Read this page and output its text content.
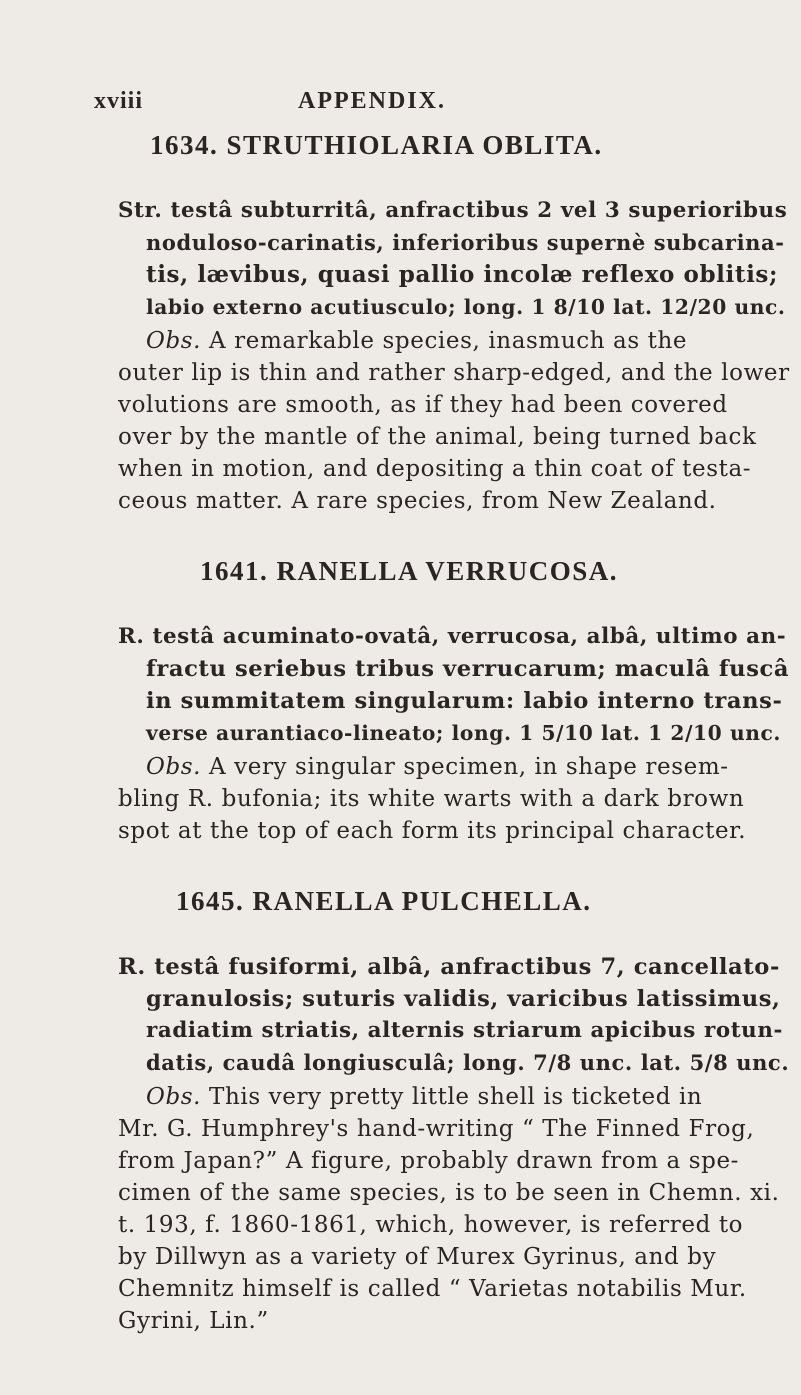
xviii	APPENDIX.
1634. STRUTHIOLARIA OBLITA.
Str. testâ subturritâ, anfractibus 2 vel 3 superioribus
noduloso-carinatis, inferioribus supernè subcarina-
tis, lævibus, quasi pallio incolæ reflexo oblitis;
labio externo acutiusculo; long. 1 8/10 lat. 12/20 unc.
Obs. A remarkable species, inasmuch as the
outer lip is thin and rather sharp-edged, and the lower
volutions are smooth, as if they had been covered
over by the mantle of the animal, being turned back
when in motion, and depositing a thin coat of testa-
ceous matter. A rare species, from New Zealand.
1641. RANELLA VERRUCOSA.
R. testâ acuminato-ovatâ, verrucosa, albâ, ultimo an-
fractu seriebus tribus verrucarum; maculâ fuscâ
in summitatem singularum: labio interno trans-
verse aurantiaco-lineato; long. 1 5/10 lat. 1 2/10 unc.
Obs. A very singular specimen, in shape resem-
bling R. bufonia; its white warts with a dark brown
spot at the top of each form its principal character.
1645. RANELLA PULCHELLA.
R. testâ fusiformi, albâ, anfractibus 7, cancellato-
granulosis; suturis validis, varicibus latissimus,
radiatim striatis, alternis striarum apicibus rotun-
datis, caudâ longiusculâ; long. 7/8 unc. lat. 5/8 unc.
Obs. This very pretty little shell is ticketed in
Mr. G. Humphrey's hand-writing “ The Finned Frog,
from Japan?” A figure, probably drawn from a spe-
cimen of the same species, is to be seen in Chemn. xi.
t. 193, f. 1860-1861, which, however, is referred to
by Dillwyn as a variety of Murex Gyrinus, and by
Chemnitz himself is called “ Varietas notabilis Mur.
Gyrini, Lin.”
